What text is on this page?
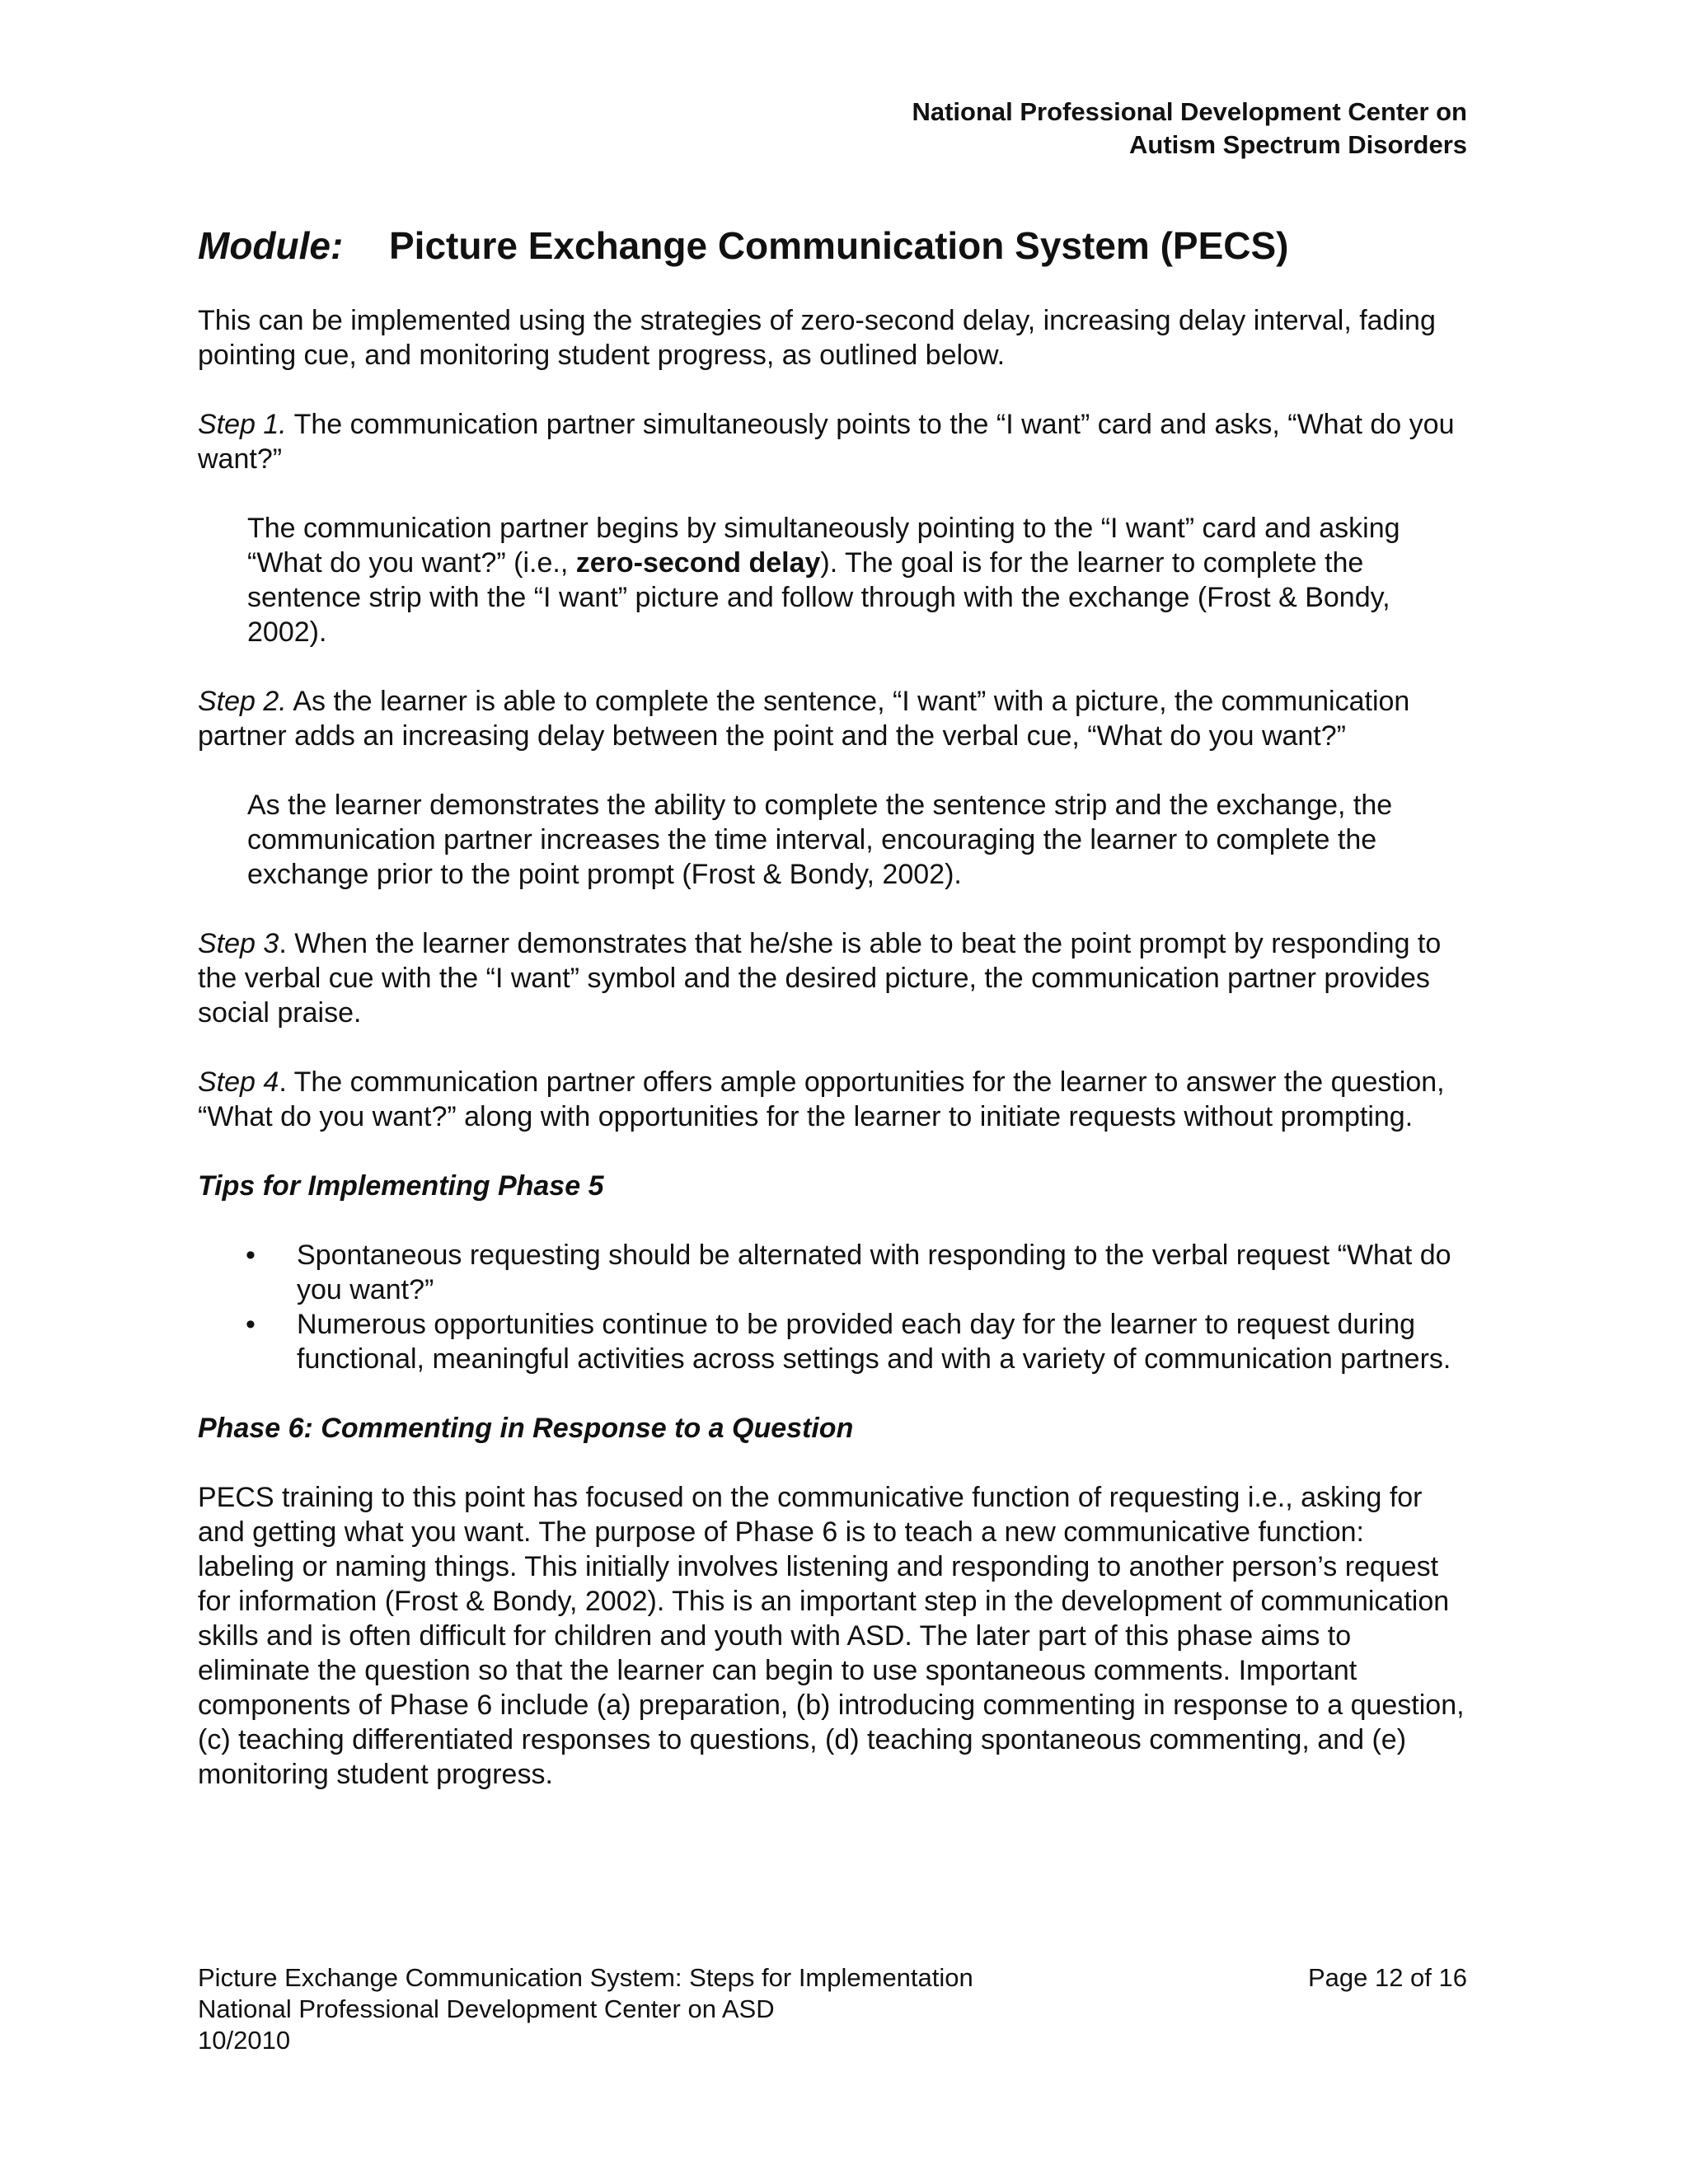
National Professional Development Center on
Autism Spectrum Disorders
Module: Picture Exchange Communication System (PECS)

This can be implemented using the strategies of zero-second delay, increasing delay interval, fading pointing cue, and monitoring student progress, as outlined below.

Step 1. The communication partner simultaneously points to the “I want” card and asks, “What do you want?”

The communication partner begins by simultaneously pointing to the “I want” card and asking “What do you want?” (i.e., zero-second delay). The goal is for the learner to complete the sentence strip with the “I want” picture and follow through with the exchange (Frost & Bondy, 2002).

Step 2. As the learner is able to complete the sentence, “I want” with a picture, the communication partner adds an increasing delay between the point and the verbal cue, “What do you want?”

As the learner demonstrates the ability to complete the sentence strip and the exchange, the communication partner increases the time interval, encouraging the learner to complete the exchange prior to the point prompt (Frost & Bondy, 2002).

Step 3. When the learner demonstrates that he/she is able to beat the point prompt by responding to the verbal cue with the “I want” symbol and the desired picture, the communication partner provides social praise.

Step 4. The communication partner offers ample opportunities for the learner to answer the question, “What do you want?” along with opportunities for the learner to initiate requests without prompting.

Tips for Implementing Phase 5

• Spontaneous requesting should be alternated with responding to the verbal request “What do you want?”
• Numerous opportunities continue to be provided each day for the learner to request during functional, meaningful activities across settings and with a variety of communication partners.

Phase 6: Commenting in Response to a Question

PECS training to this point has focused on the communicative function of requesting i.e., asking for and getting what you want. The purpose of Phase 6 is to teach a new communicative function: labeling or naming things. This initially involves listening and responding to another person’s request for information (Frost & Bondy, 2002). This is an important step in the development of communication skills and is often difficult for children and youth with ASD. The later part of this phase aims to eliminate the question so that the learner can begin to use spontaneous comments. Important components of Phase 6 include (a) preparation, (b) introducing commenting in response to a question, (c) teaching differentiated responses to questions, (d) teaching spontaneous commenting, and (e) monitoring student progress.

Picture Exchange Communication System: Steps for Implementation
National Professional Development Center on ASD
10/2010
Page 12 of 16
